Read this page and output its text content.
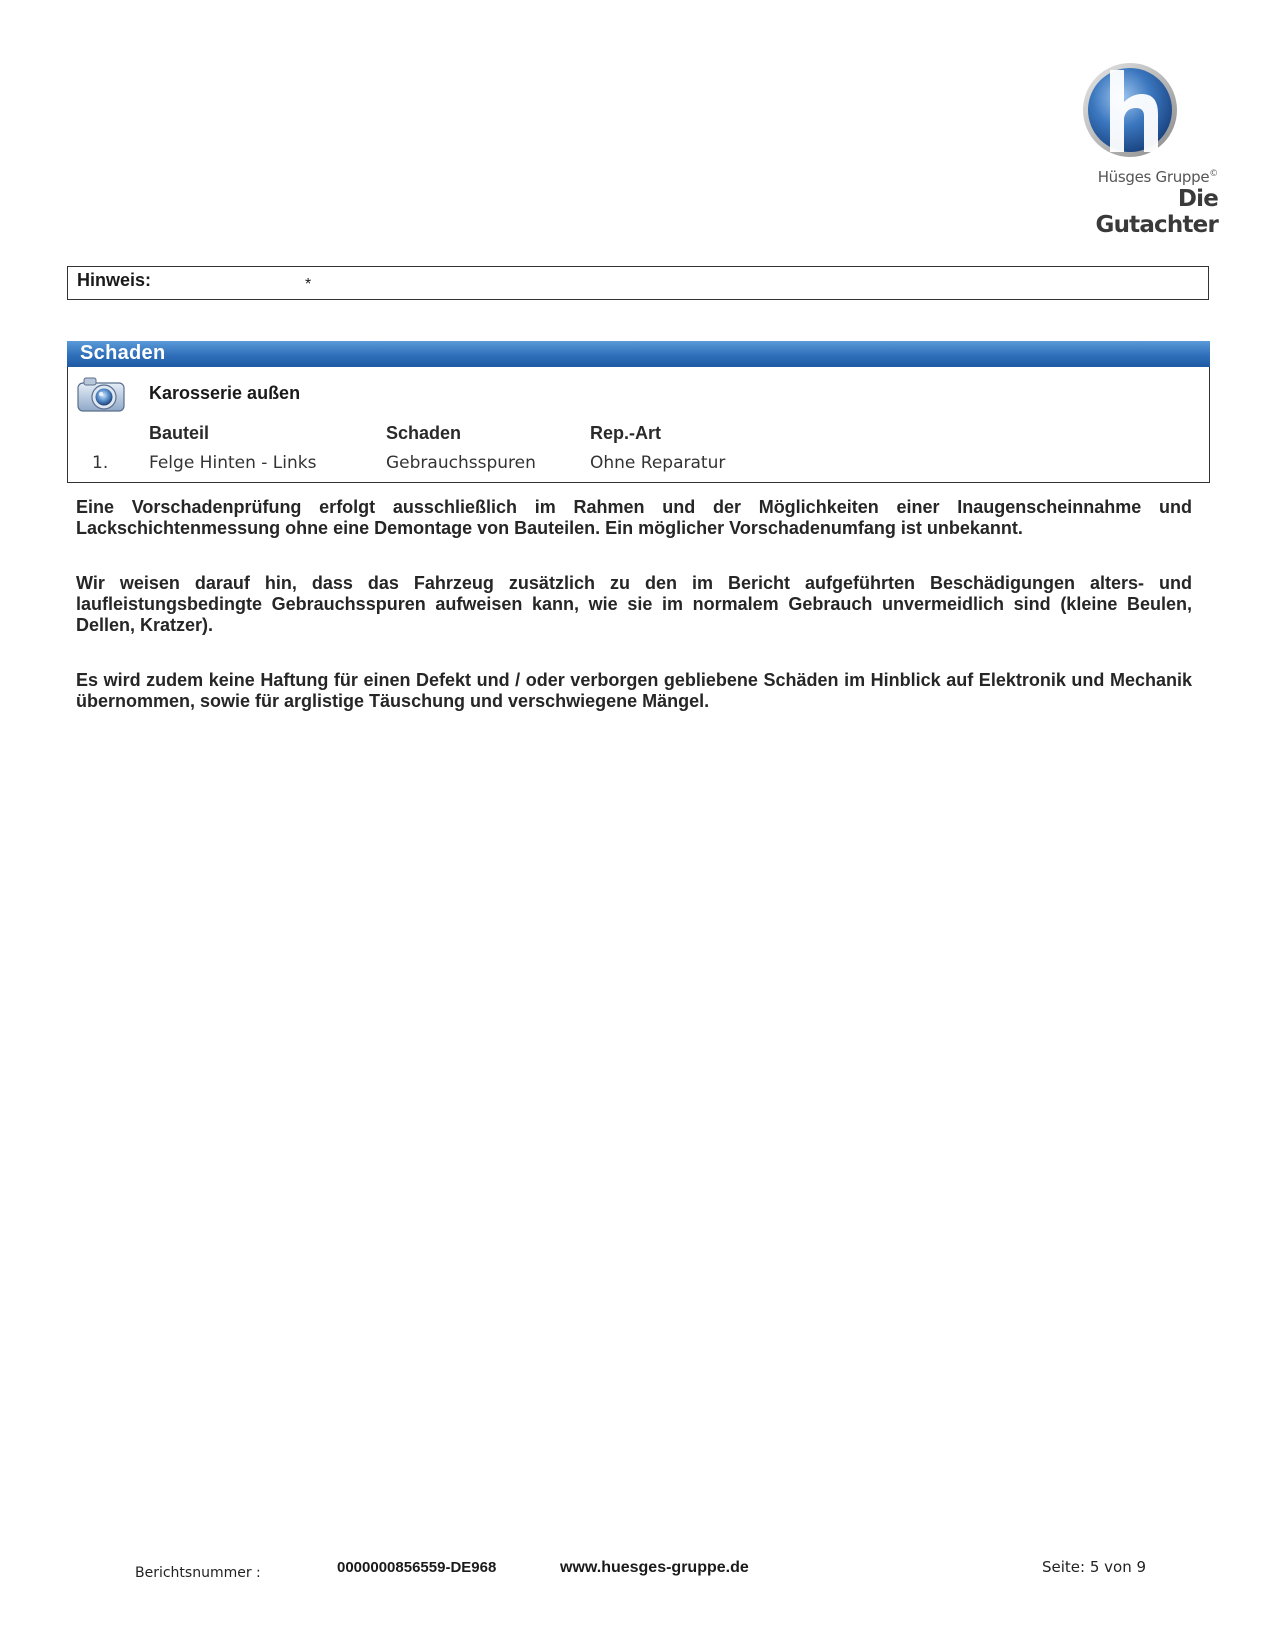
Hüsges Gruppe©
Die Gutachter
Hinweis:	*
Schaden
Karosserie außen
Bauteil	Schaden	Rep.-Art
1. Felge Hinten - Links	Gebrauchsspuren	Ohne Reparatur
Eine Vorschadenprüfung erfolgt ausschließlich im Rahmen und der Möglichkeiten einer Inaugenscheinnahme und Lackschichtenmessung ohne eine Demontage von Bauteilen. Ein möglicher Vorschadenumfang ist unbekannt.
Wir weisen darauf hin, dass das Fahrzeug zusätzlich zu den im Bericht aufgeführten Beschädigungen alters- und laufleistungsbedingte Gebrauchsspuren aufweisen kann, wie sie im normalem Gebrauch unvermeidlich sind (kleine Beulen, Dellen, Kratzer).
Es wird zudem keine Haftung für einen Defekt und / oder verborgen gebliebene Schäden im Hinblick auf Elektronik und Mechanik übernommen, sowie für arglistige Täuschung und verschwiegene Mängel.
Berichtsnummer :	0000000856559-DE968	www.huesges-gruppe.de	Seite: 5 von 9
